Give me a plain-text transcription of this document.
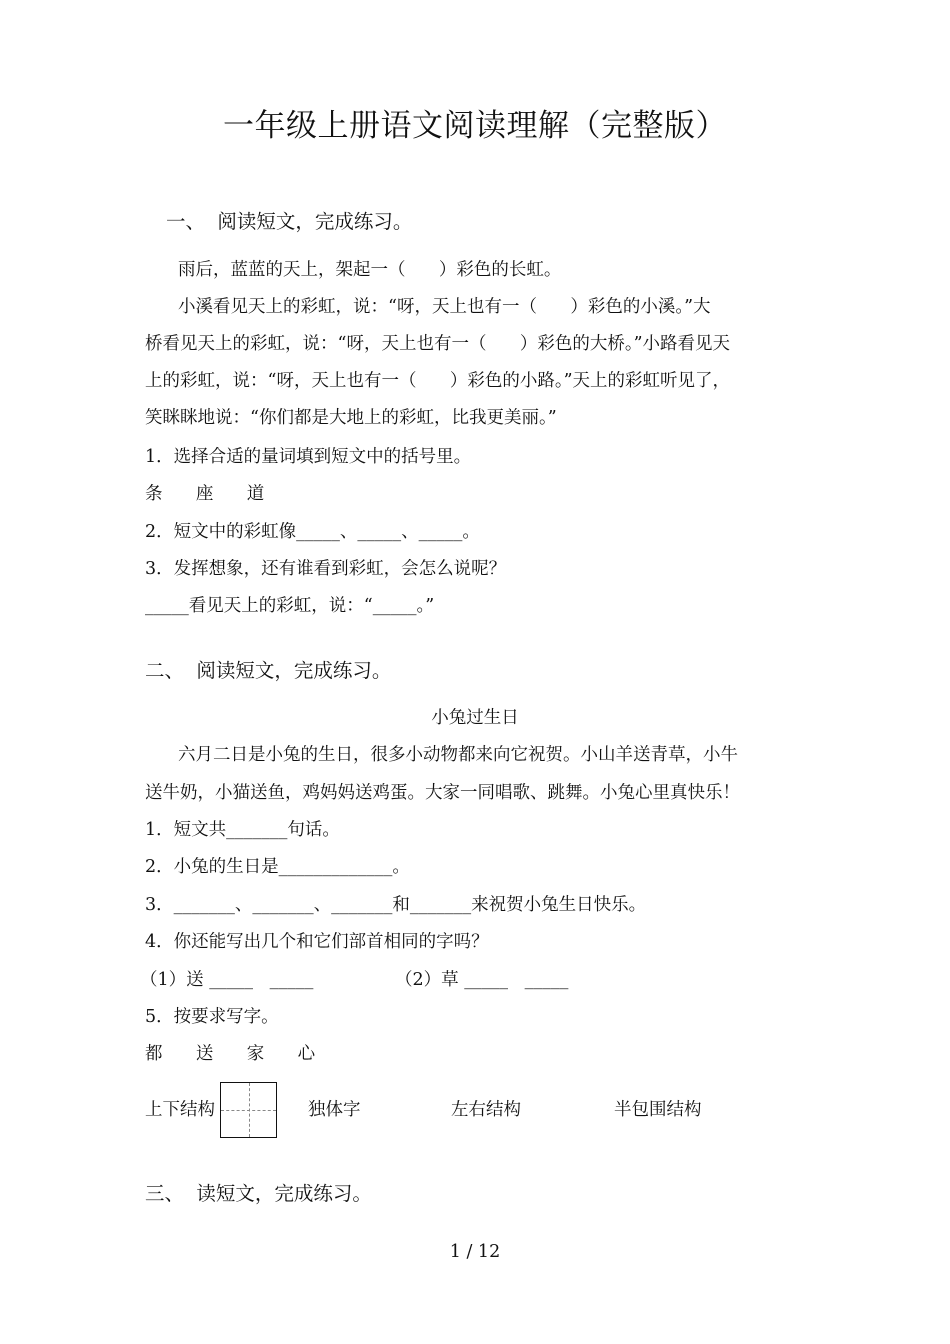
一年级上册语文阅读理解（完整版）
一、  阅读短文，完成练习。
雨后，蓝蓝的天上，架起一（      ）彩色的长虹。
小溪看见天上的彩虹，说：“呀，天上也有一（      ）彩色的小溪。”大
桥看见天上的彩虹，说：“呀，天上也有一（      ）彩色的大桥。”小路看见天
上的彩虹，说：“呀，天上也有一（      ）彩色的小路。”天上的彩虹听见了，
笑眯眯地说：“你们都是大地上的彩虹，比我更美丽。”
1．选择合适的量词填到短文中的括号里。
条      座      道
2．短文中的彩虹像_____、_____、_____。
3．发挥想象，还有谁看到彩虹，会怎么说呢？
_____看见天上的彩虹，说：“_____。”
二、  阅读短文，完成练习。
小兔过生日
六月二日是小兔的生日，很多小动物都来向它祝贺。小山羊送青草，小牛
送牛奶，小猫送鱼，鸡妈妈送鸡蛋。大家一同唱歌、跳舞。小兔心里真快乐！
1．短文共_______句话。
2．小兔的生日是_____________。
3．_______、_______、_______和_______来祝贺小兔生日快乐。
4．你还能写出几个和它们部首相同的字吗？
（1）送 _____   _____	（2）草 _____   _____
5．按要求写字。
都      送      家      心
上下结构	独体字	左右结构	半包围结构
三、  读短文，完成练习。
1 / 12
